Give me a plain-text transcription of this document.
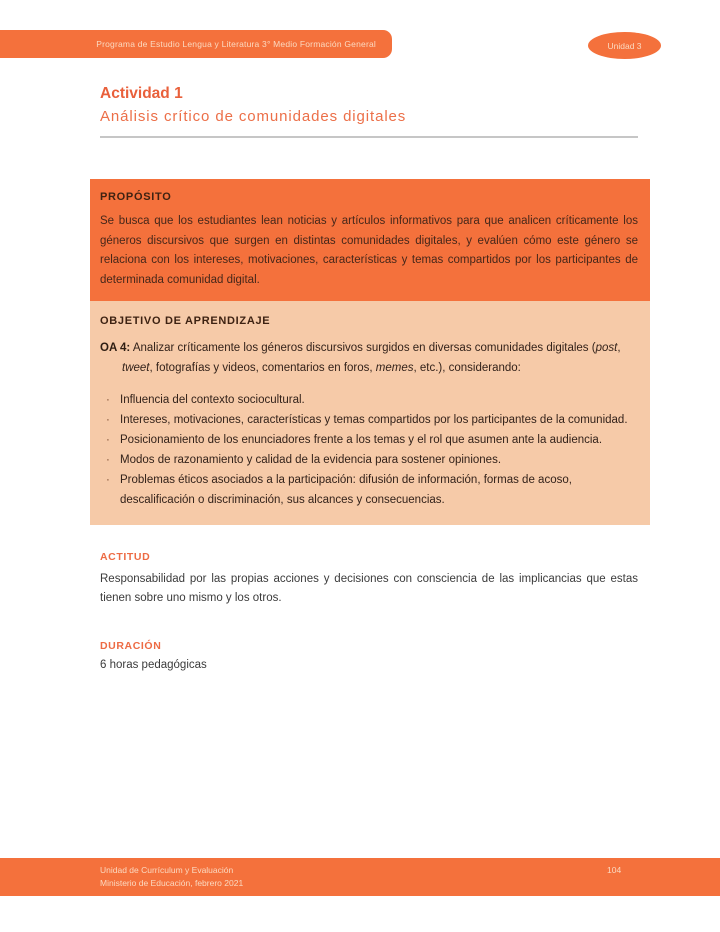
Programa de Estudio Lengua y Literatura 3° Medio Formación General	Unidad 3
Actividad 1
Análisis crítico de comunidades digitales
PROPÓSITO

Se busca que los estudiantes lean noticias y artículos informativos para que analicen críticamente los géneros discursivos que surgen en distintas comunidades digitales, y evalúen cómo este género se relaciona con los intereses, motivaciones, características y temas compartidos por los participantes de determinada comunidad digital.

OBJETIVO DE APRENDIZAJE

OA 4: Analizar críticamente los géneros discursivos surgidos en diversas comunidades digitales (post, tweet, fotografías y videos, comentarios en foros, memes, etc.), considerando:

· Influencia del contexto sociocultural.
· Intereses, motivaciones, características y temas compartidos por los participantes de la comunidad.
· Posicionamiento de los enunciadores frente a los temas y el rol que asumen ante la audiencia.
· Modos de razonamiento y calidad de la evidencia para sostener opiniones.
· Problemas éticos asociados a la participación: difusión de información, formas de acoso, descalificación o discriminación, sus alcances y consecuencias.
ACTITUD

Responsabilidad por las propias acciones y decisiones con consciencia de las implicancias que estas tienen sobre uno mismo y los otros.

DURACIÓN

6 horas pedagógicas

Unidad de Currículum y Evaluación
Ministerio de Educación, febrero 2021
104
